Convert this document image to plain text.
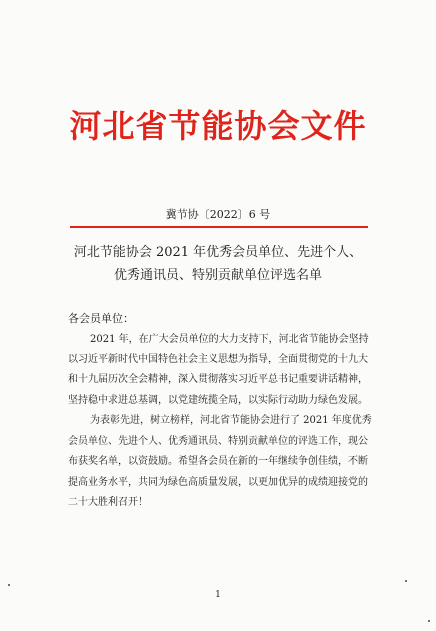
河北省节能协会文件
冀节协〔2022〕6 号
河北节能协会 2021 年优秀会员单位、先进个人、
优秀通讯员、特别贡献单位评选名单
各会员单位：
2021 年，在广大会员单位的大力支持下，河北省节能协会坚持
以习近平新时代中国特色社会主义思想为指导，全面贯彻党的十九大
和十九届历次全会精神，深入贯彻落实习近平总书记重要讲话精神，
坚持稳中求进总基调，以党建统揽全局，以实际行动助力绿色发展。
为表彰先进，树立榜样，河北省节能协会进行了 2021 年度优秀
会员单位、先进个人、优秀通讯员、特别贡献单位的评选工作，现公
布获奖名单，以资鼓励。希望各会员在新的一年继续争创佳绩，不断
提高业务水平，共同为绿色高质量发展，以更加优异的成绩迎接党的
二十大胜利召开！
1
